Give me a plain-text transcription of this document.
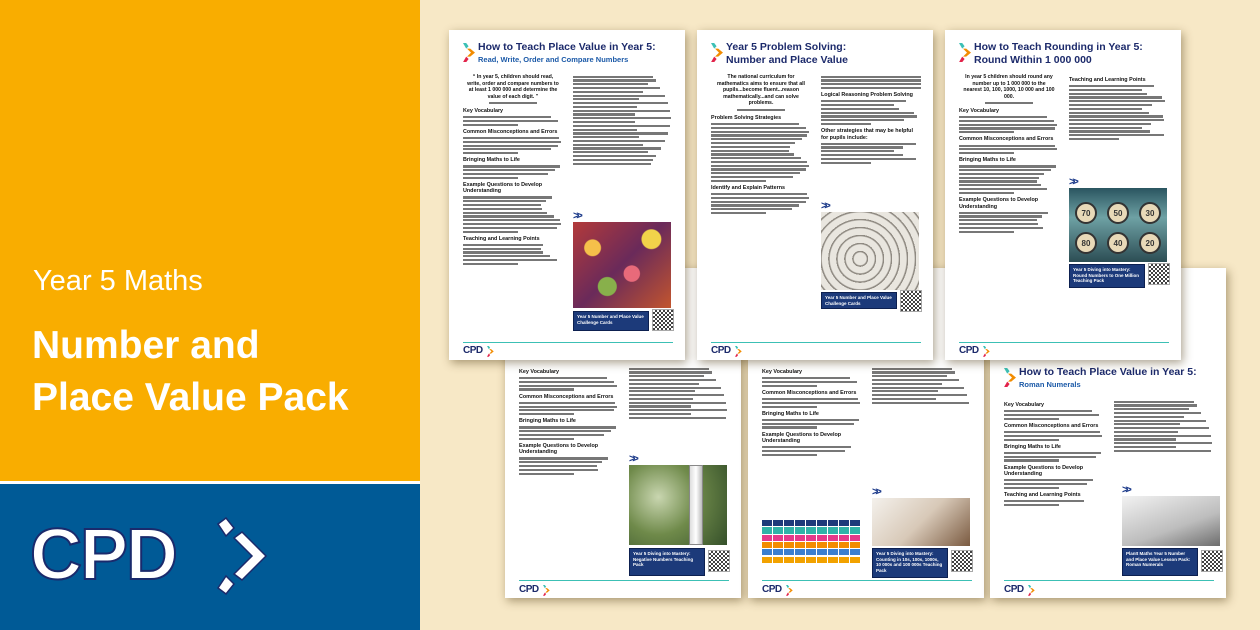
Year 5 Maths
Number and
Place Value Pack
CPD
Key Vocabulary
Common Misconceptions and Errors
Bringing Maths to Life
Example Questions to Develop Understanding
>>
Year 5 Diving into Mastery: Negative Numbers Teaching Pack
CPD
Key Vocabulary
Common Misconceptions and Errors
Bringing Maths to Life
Example Questions to Develop Understanding
>>
Year 5 Diving into Mastery: Counting in 10s, 100s, 1000s, 10 000s and 100 000s Teaching Pack
CPD
How to Teach Place Value in Year 5:
Roman Numerals
Key Vocabulary
Common Misconceptions and Errors
Bringing Maths to Life
Example Questions to Develop Understanding
Teaching and Learning Points	>>
PlanIt Maths Year 5 Number and Place Value Lesson Pack: Roman Numerals
CPD
How to Teach Place Value in Year 5:
Read, Write, Order and Compare Numbers
“ In year 5, children should read, write, order and compare numbers to at least 1 000 000 and determine the value of each digit. ”
Key Vocabulary
Common Misconceptions and Errors
Bringing Maths to Life
Example Questions to Develop Understanding
Teaching and Learning Points
>>
Year 5 Number and Place Value Challenge Cards
CPD
Year 5 Problem Solving:
Number and Place Value
The national curriculum for mathematics aims to ensure that all pupils...become fluent...reason mathematically...and can solve problems.
Problem Solving Strategies
Identify and Explain Patterns
Logical Reasoning Problem Solving
Other strategies that may be helpful for pupils include:
>>
Year 5 Number and Place Value Challenge Cards
CPD
How to Teach Rounding in Year 5:
Round Within 1 000 000
In year 5 children should round any number up to 1 000 000 to the nearest 10, 100, 1000, 10 000 and 100 000.
Key Vocabulary
Common Misconceptions and Errors
Bringing Maths to Life
Example Questions to Develop Understanding
Teaching and Learning Points
70	50	30
80	40	20
>>
Year 5 Diving into Mastery: Round Numbers to One Million Teaching Pack
CPD
